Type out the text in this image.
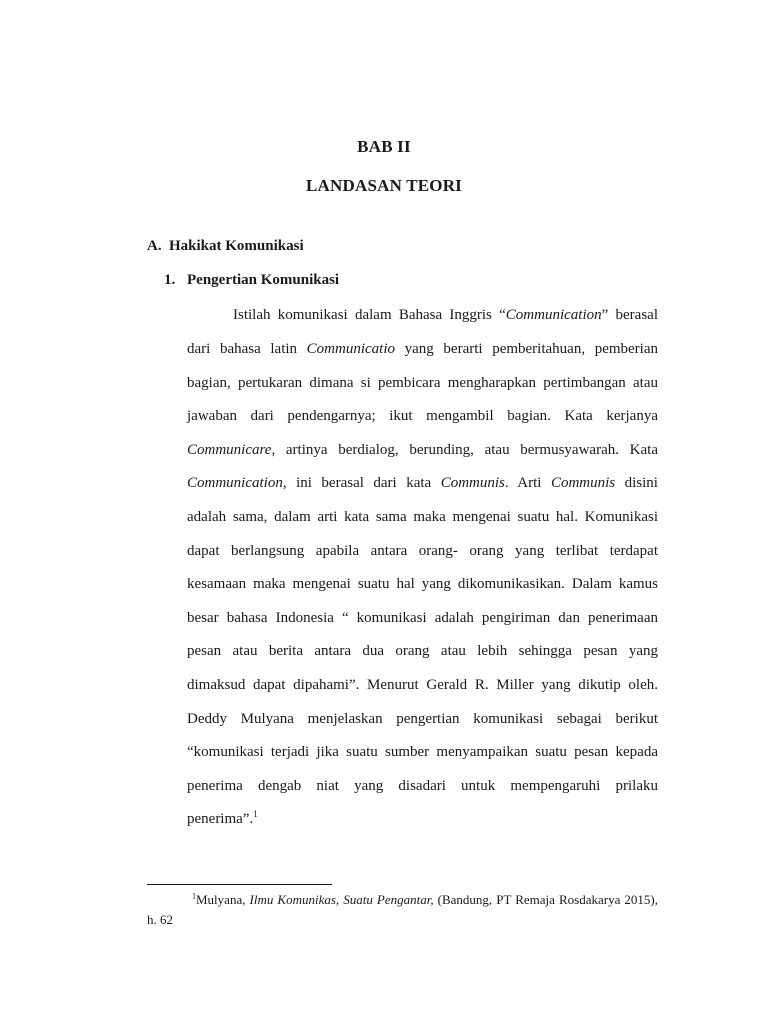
BAB II
LANDASAN TEORI
A. Hakikat Komunikasi
1. Pengertian Komunikasi
Istilah komunikasi dalam Bahasa Inggris “Communication” berasal
dari bahasa latin Communicatio yang berarti pemberitahuan, pemberian
bagian, pertukaran dimana si pembicara mengharapkan pertimbangan atau
jawaban dari pendengarnya; ikut mengambil bagian. Kata kerjanya
Communicare, artinya berdialog, berunding, atau bermusyawarah. Kata
Communication, ini berasal dari kata Communis. Arti Communis disini
adalah sama, dalam arti kata sama maka mengenai suatu hal. Komunikasi
dapat berlangsung apabila antara orang- orang yang terlibat terdapat
kesamaan maka mengenai suatu hal yang dikomunikasikan. Dalam kamus
besar bahasa Indonesia “ komunikasi adalah pengiriman dan penerimaan
pesan atau berita antara dua orang atau lebih sehingga pesan yang
dimaksud dapat dipahami”. Menurut Gerald R. Miller yang dikutip oleh.
Deddy Mulyana menjelaskan pengertian komunikasi sebagai berikut
“komunikasi terjadi jika suatu sumber menyampaikan suatu pesan kepada
penerima dengab niat yang disadari untuk mempengaruhi prilaku
penerima”.$^1$
$^1$Mulyana, Ilmu Komunikas, Suatu Pengantar, (Bandung, PT Remaja Rosdakarya 2015),
h. 62
